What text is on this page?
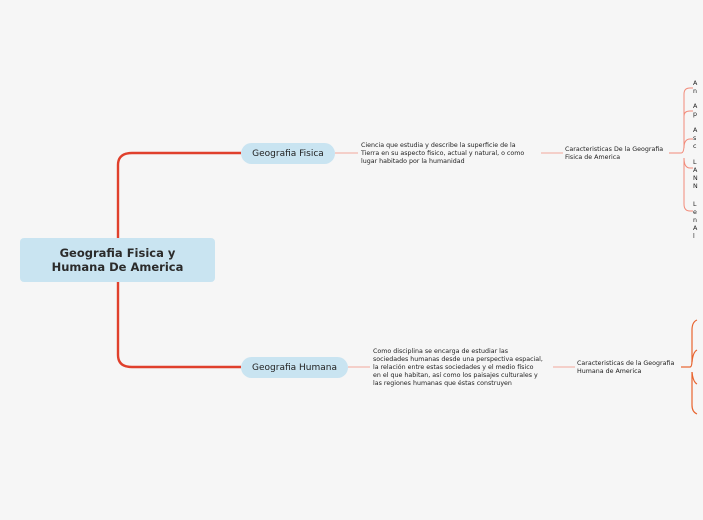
Geografia Fisica y
Humana De America
Geografia Fisica
Geografia Humana
Ciencia que estudia y describe la superficie de la
Tierra en su aspecto fisico, actual y natural, o como
lugar habitado por la humanidad
Como disciplina se encarga de estudiar las
sociedades humanas desde una perspectiva espacial,
la relación entre estas sociedades y el medio físico
en el que habitan, así como los paisajes culturales y
las regiones humanas que éstas construyen
Caracteristicas De la Geografia
Fisica de America
Caracteristicas de la Geografia
Humana de America
A
n
A
p
A
s
c
L
A
N
N
L
e
n
A
l
